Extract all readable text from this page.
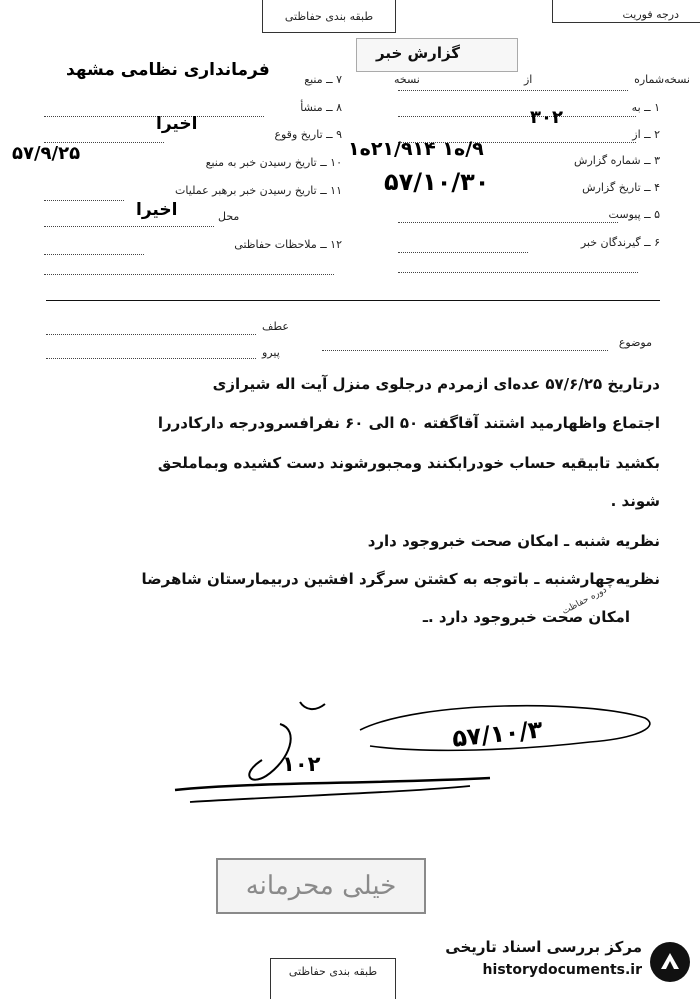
طبقه بندی حفاظتی	درجه فوریت
گزارش خبر
نسخه‌شماره
از
نسخه
۱ ــ به
۲ ــ از
۳۰۲
۳ ــ شماره گزارش
۹/ه۱ ۲۱/۹۱۴ه۱
۴ ــ تاریخ گزارش
۵۷/۱۰/۳۰
۵ ــ پیوست
۶ ــ گیرندگان خبر
۷ ــ منبع
فرمانداری نظامی مشهد
۸ ــ منشأ
۹ ــ تاریخ وقوع
اخیرا
۱۰ ــ تاریخ رسیدن خبر به منبع
۵۷/۹/۲۵
۱۱ ــ تاریخ رسیدن خبر برهبر عملیات
اخیرا	محل
۱۲ ــ ملاحظات حفاظتی
عطف
موضوع
پیرو
درتاریخ ۵۷/۶/۲۵ عده‌ای ازمردم درجلوی منزل آیت اله شیرازی
اجتماع واظهارمید اشتند آقاگفته ۵۰ الی ۶۰ نفرافسرودرجه دارکادررا
بکشید تابیقیه حساب خودرابکنند ومجبورشوند دست کشیده وبماملحق
شوند .
نظریه شنبه ـ امکان صحت خبروجود دارد
نظریه‌چهارشنبه ـ باتوجه به کشتن سرگرد افشین دربیمارستان شاهرضا
امکان صحت خبروجود دارد .ـ
دوره حفاظت
۵۷/۱۰/۳
۱۰۲
خیلی محرمانه
طبقه بندی حفاظتی
مرکز بررسی اسناد تاریخی
historydocuments.ir
